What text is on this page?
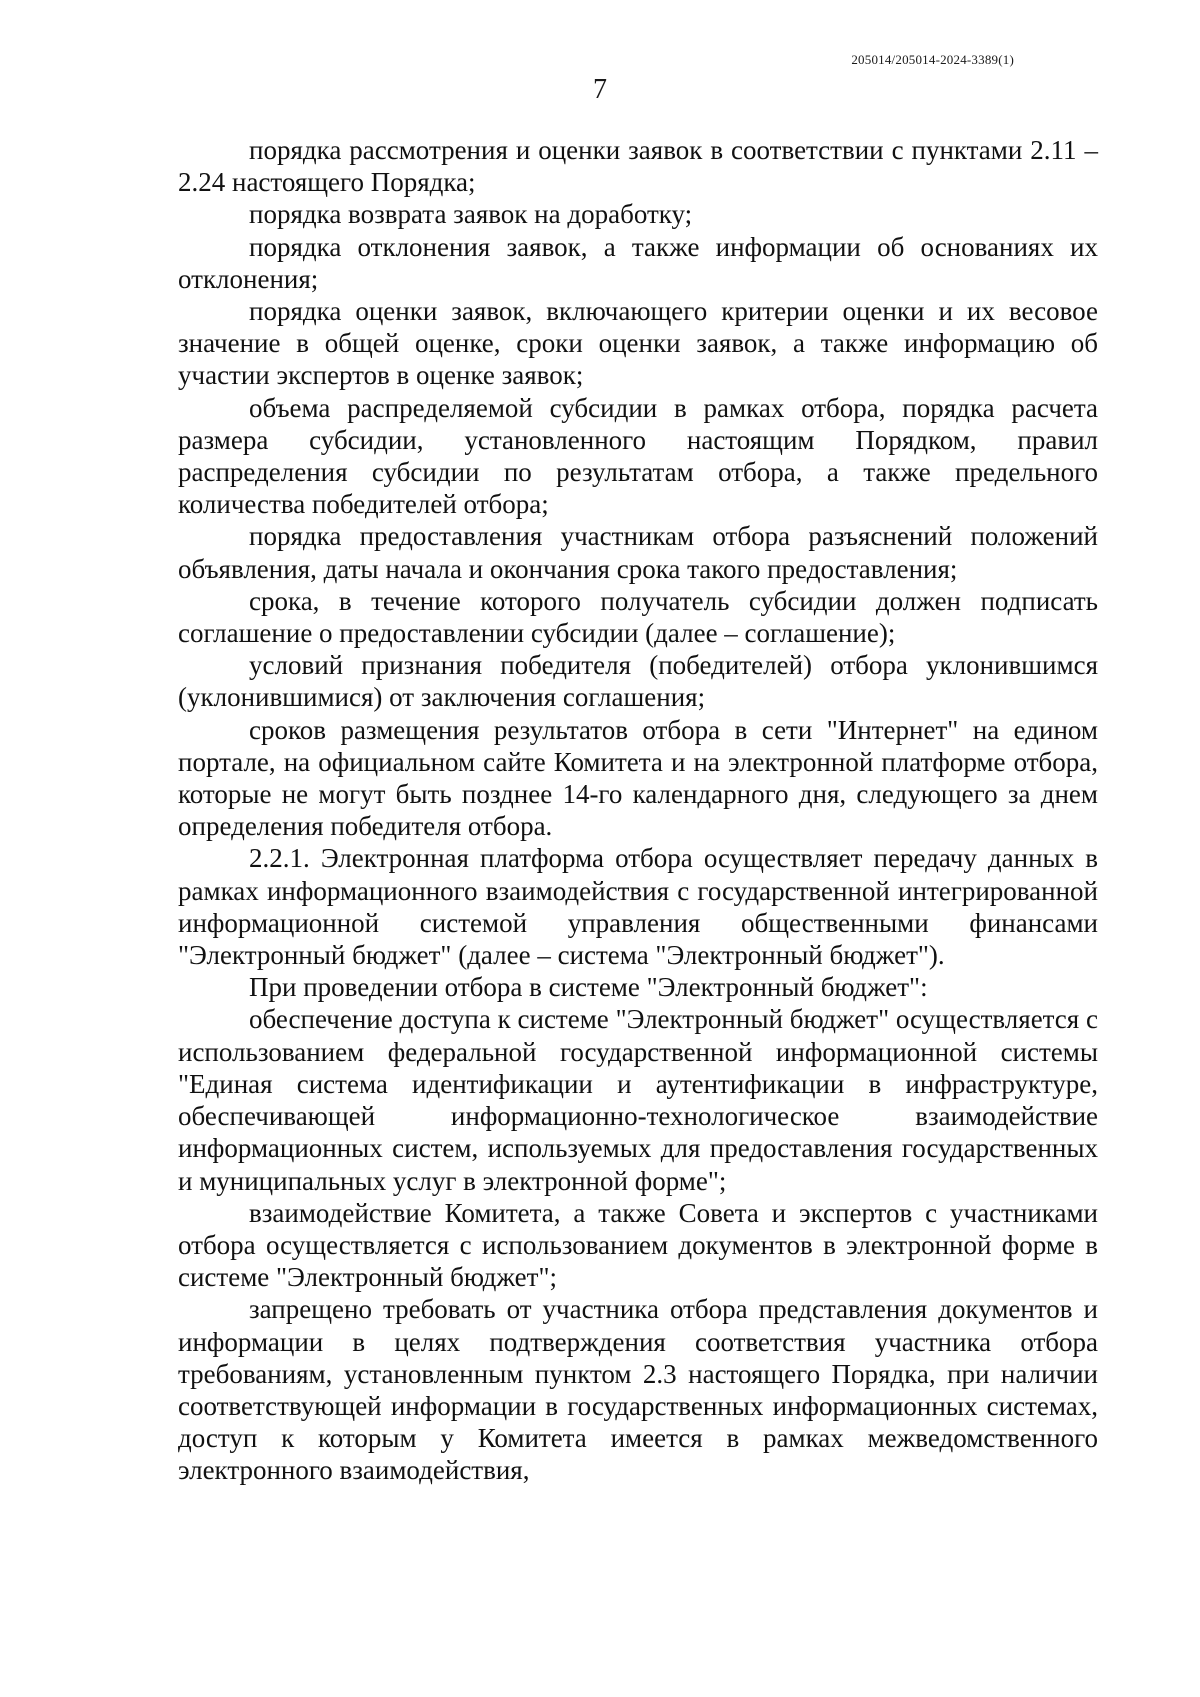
205014/205014-2024-3389(1)
7

порядка рассмотрения и оценки заявок в соответствии с пунктами 2.11 – 2.24 настоящего Порядка;

порядка возврата заявок на доработку;

порядка отклонения заявок, а также информации об основаниях их отклонения;

порядка оценки заявок, включающего критерии оценки и их весовое значение в общей оценке, сроки оценки заявок, а также информацию об участии экспертов в оценке заявок;

объема распределяемой субсидии в рамках отбора, порядка расчета размера субсидии, установленного настоящим Порядком, правил распределения субсидии по результатам отбора, а также предельного количества победителей отбора;

порядка предоставления участникам отбора разъяснений положений объявления, даты начала и окончания срока такого предоставления;

срока, в течение которого получатель субсидии должен подписать соглашение о предоставлении субсидии (далее – соглашение);

условий признания победителя (победителей) отбора уклонившимся (уклонившимися) от заключения соглашения;

сроков размещения результатов отбора в сети "Интернет" на едином портале, на официальном сайте Комитета и на электронной платформе отбора, которые не могут быть позднее 14-го календарного дня, следующего за днем определения победителя отбора.

2.2.1. Электронная платформа отбора осуществляет передачу данных в рамках информационного взаимодействия с государственной интегрированной информационной системой управления общественными финансами "Электронный бюджет" (далее – система "Электронный бюджет").

При проведении отбора в системе "Электронный бюджет":

обеспечение доступа к системе "Электронный бюджет" осуществляется с использованием федеральной государственной информационной системы "Единая система идентификации и аутентификации в инфраструктуре, обеспечивающей информационно-технологическое взаимодействие информационных систем, используемых для предоставления государственных и муниципальных услуг в электронной форме";

взаимодействие Комитета, а также Совета и экспертов с участниками отбора осуществляется с использованием документов в электронной форме в системе "Электронный бюджет";

запрещено требовать от участника отбора представления документов и информации в целях подтверждения соответствия участника отбора требованиям, установленным пунктом 2.3 настоящего Порядка, при наличии соответствующей информации в государственных информационных системах, доступ к которым у Комитета имеется в рамках межведомственного электронного взаимодействия,
